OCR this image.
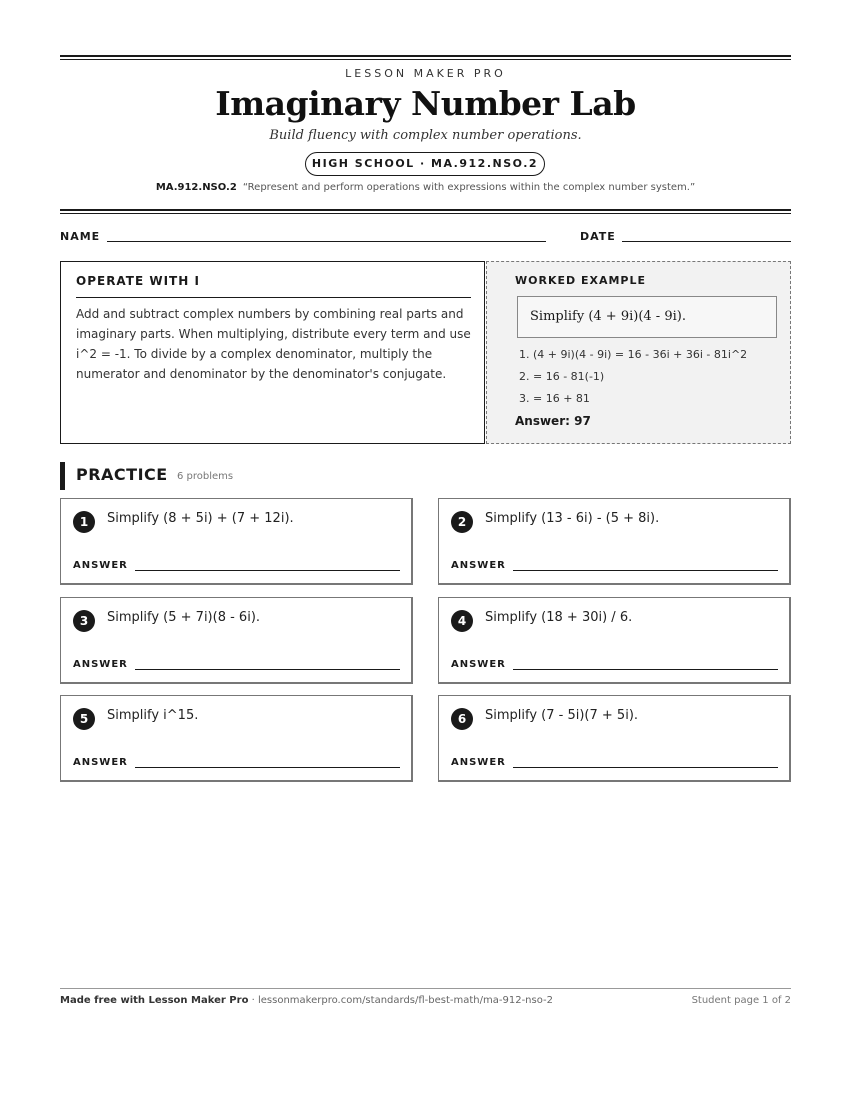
LESSON MAKER PRO
Imaginary Number Lab
Build fluency with complex number operations.
HIGH SCHOOL · MA.912.NSO.2
MA.912.NSO.2 “Represent and perform operations with expressions within the complex number system.”
NAME	DATE
OPERATE WITH I
Add and subtract complex numbers by combining real parts and imaginary parts. When multiplying, distribute every term and use i^2 = -1. To divide by a complex denominator, multiply the numerator and denominator by the denominator's conjugate.
WORKED EXAMPLE
Simplify (4 + 9i)(4 - 9i).
1. (4 + 9i)(4 - 9i) = 16 - 36i + 36i - 81i^2
2. = 16 - 81(-1)
3. = 16 + 81
Answer: 97
PRACTICE 6 problems
1	Simplify (8 + 5i) + (7 + 12i).
ANSWER
2	Simplify (13 - 6i) - (5 + 8i).
ANSWER
3	Simplify (5 + 7i)(8 - 6i).
ANSWER
4	Simplify (18 + 30i) / 6.
ANSWER
5	Simplify i^15.
ANSWER
6	Simplify (7 - 5i)(7 + 5i).
ANSWER
Made free with Lesson Maker Pro · lessonmakerpro.com/standards/fl-best-math/ma-912-nso-2	Student page 1 of 2
